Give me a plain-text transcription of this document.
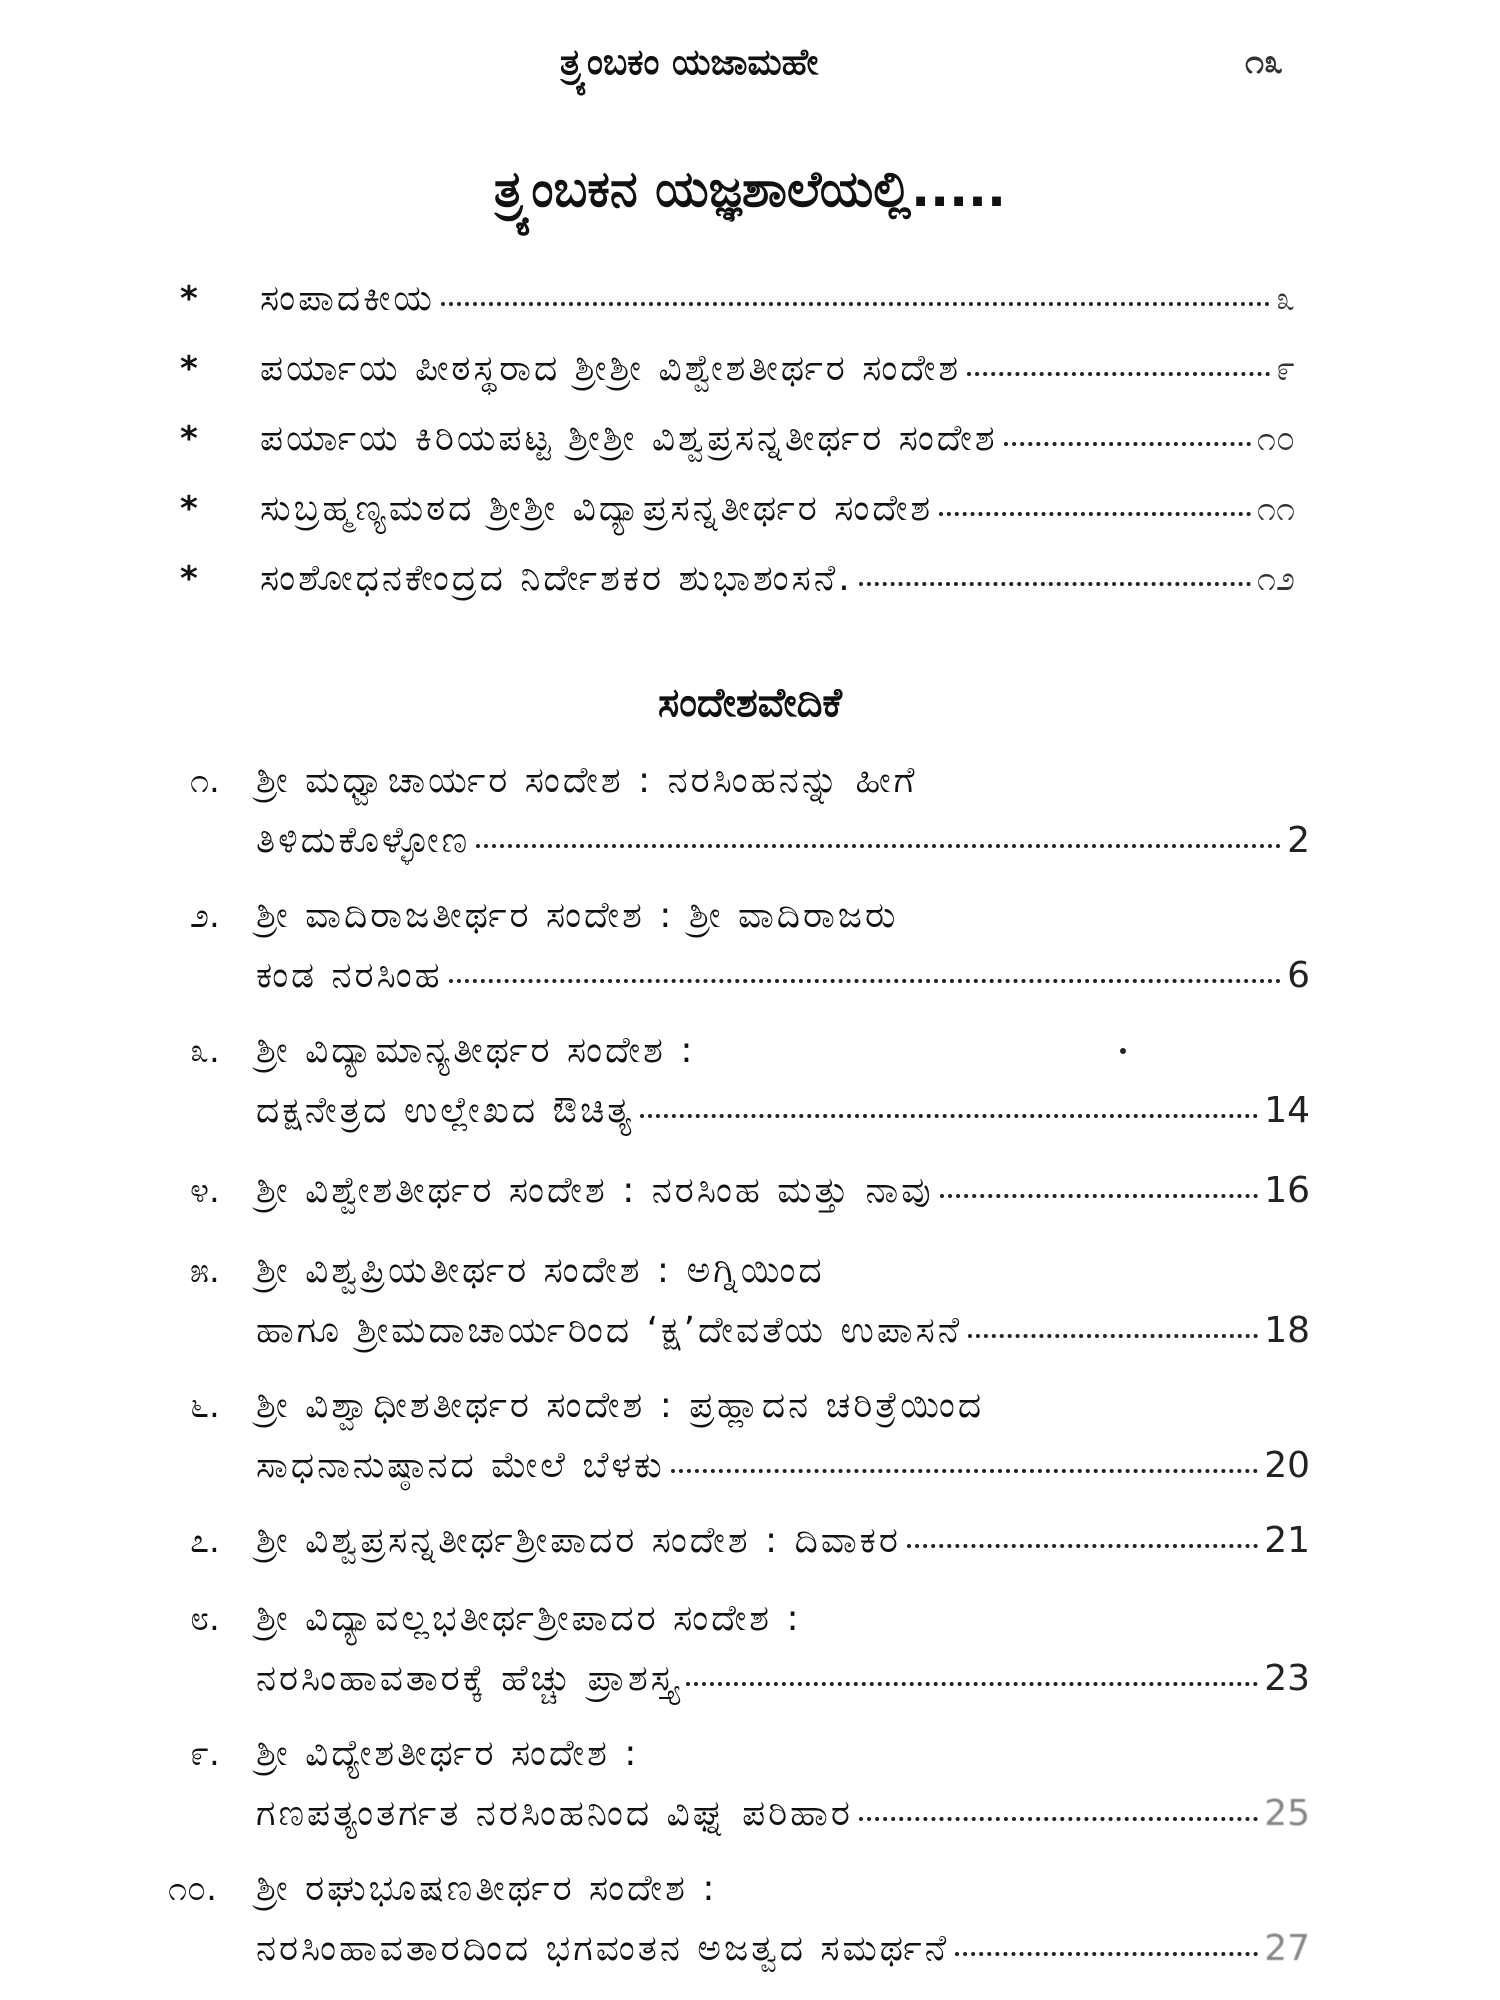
ತ್ರ್ಯಂಬಕಂ ಯಜಾಮಹೇ	೧೩
ತ್ರ್ಯಂಬಕನ ಯಜ್ಞಶಾಲೆಯಲ್ಲಿ.....
*	ಸಂಪಾದಕೀಯ	೩
*	ಪರ್ಯಾಯ ಪೀಠಸ್ಥರಾದ ಶ್ರೀಶ್ರೀ ವಿಶ್ವೇಶತೀರ್ಥರ ಸಂದೇಶ	೯
*	ಪರ್ಯಾಯ ಕಿರಿಯಪಟ್ಟ ಶ್ರೀಶ್ರೀ ವಿಶ್ವಪ್ರಸನ್ನತೀರ್ಥರ ಸಂದೇಶ	೧೦
*	ಸುಬ್ರಹ್ಮಣ್ಯಮಠದ ಶ್ರೀಶ್ರೀ ವಿದ್ಯಾಪ್ರಸನ್ನತೀರ್ಥರ ಸಂದೇಶ	೧೧
*	ಸಂಶೋಧನಕೇಂದ್ರದ ನಿರ್ದೇಶಕರ ಶುಭಾಶಂಸನೆ.	೧೨
ಸಂದೇಶವೇದಿಕೆ
೧.	ಶ್ರೀ ಮಧ್ವಾಚಾರ್ಯರ ಸಂದೇಶ : ನರಸಿಂಹನನ್ನು ಹೀಗೆ
ತಿಳಿದುಕೊಳ್ಳೋಣ	2
೨.	ಶ್ರೀ ವಾದಿರಾಜತೀರ್ಥರ ಸಂದೇಶ : ಶ್ರೀ ವಾದಿರಾಜರು
ಕಂಡ ನರಸಿಂಹ	6
೩.	ಶ್ರೀ ವಿದ್ಯಾಮಾನ್ಯತೀರ್ಥರ ಸಂದೇಶ :
ದಕ್ಷನೇತ್ರದ ಉಲ್ಲೇಖದ ಔಚಿತ್ಯ	14
೪.	ಶ್ರೀ ವಿಶ್ವೇಶತೀರ್ಥರ ಸಂದೇಶ : ನರಸಿಂಹ ಮತ್ತು ನಾವು	16
೫.	ಶ್ರೀ ವಿಶ್ವಪ್ರಿಯತೀರ್ಥರ ಸಂದೇಶ : ಅಗ್ನಿಯಿಂದ
ಹಾಗೂ ಶ್ರೀಮದಾಚಾರ್ಯರಿಂದ ‘ಕ್ಷ’ದೇವತೆಯ ಉಪಾಸನೆ	18
೬.	ಶ್ರೀ ವಿಶ್ವಾಧೀಶತೀರ್ಥರ ಸಂದೇಶ : ಪ್ರಹ್ಲಾದನ ಚರಿತ್ರೆಯಿಂದ
ಸಾಧನಾನುಷ್ಠಾನದ ಮೇಲೆ ಬೆಳಕು	20
೭.	ಶ್ರೀ ವಿಶ್ವಪ್ರಸನ್ನತೀರ್ಥಶ್ರೀಪಾದರ ಸಂದೇಶ : ದಿವಾಕರ	21
೮.	ಶ್ರೀ ವಿದ್ಯಾವಲ್ಲಭತೀರ್ಥಶ್ರೀಪಾದರ ಸಂದೇಶ :
ನರಸಿಂಹಾವತಾರಕ್ಕೆ ಹೆಚ್ಚು ಪ್ರಾಶಸ್ತ್ಯ	23
೯.	ಶ್ರೀ ವಿದ್ಯೇಶತೀರ್ಥರ ಸಂದೇಶ :
ಗಣಪತ್ಯಂತರ್ಗತ ನರಸಿಂಹನಿಂದ ವಿಘ್ನ ಪರಿಹಾರ	25
೧೦.	ಶ್ರೀ ರಘುಭೂಷಣತೀರ್ಥರ ಸಂದೇಶ :
ನರಸಿಂಹಾವತಾರದಿಂದ ಭಗವಂತನ ಅಜತ್ವದ ಸಮರ್ಥನೆ	27
